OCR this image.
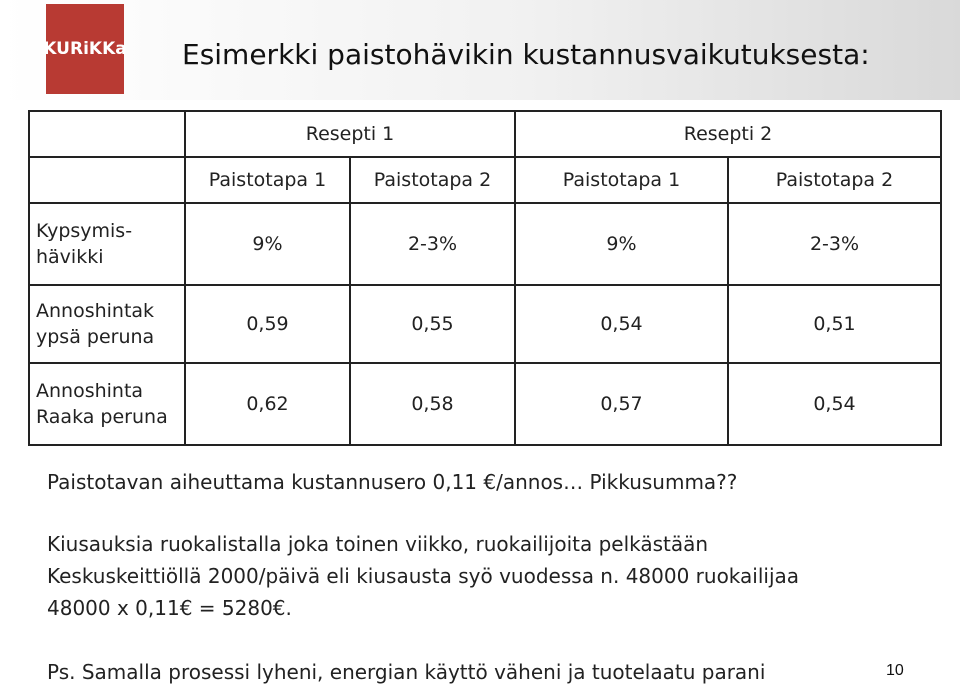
KURiKKa Esimerkki paistohävikin kustannusvaikutuksesta:
	Resepti 1		Resepti 2	
	Paistotapa 1	Paistotapa 2	Paistotapa 1	Paistotapa 2

Kypsymis-
hävikki	9%	2-3%	9%	2-3%

Annoshintak
ypsä peruna	0,59	0,55	0,54	0,51

Annoshinta
Raaka peruna	0,62	0,58	0,57	0,54
Paistotavan aiheuttama kustannusero 0,11 €/annos… Pikkusumma??
Kiusauksia ruokalistalla joka toinen viikko, ruokailijoita pelkästään
Keskuskeittiöllä 2000/päivä eli kiusausta syö vuodessa n. 48000 ruokailijaa
48000 x 0,11€ = 5280€.
Ps. Samalla prosessi lyheni, energian käyttö väheni ja tuotelaatu parani	10
